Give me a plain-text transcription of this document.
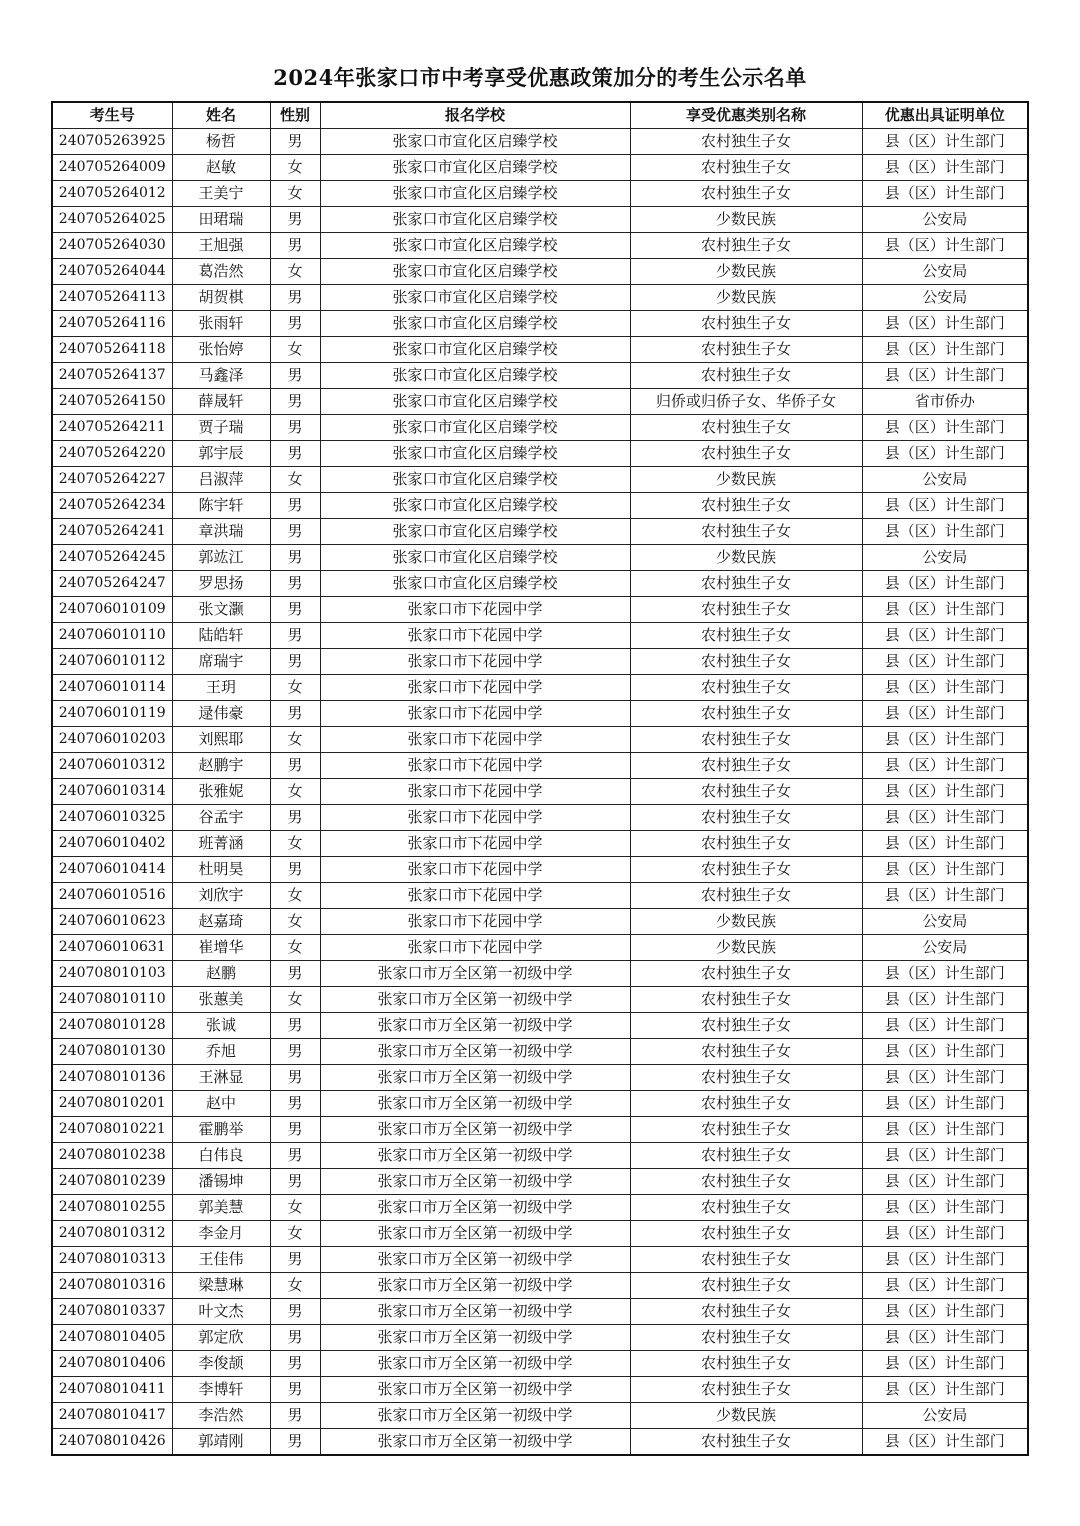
2024年张家口市中考享受优惠政策加分的考生公示名单
考生号	姓名	性别	报名学校	享受优惠类别名称	优惠出具证明单位
240705263925	杨哲	男	张家口市宣化区启臻学校	农村独生子女	县（区）计生部门
240705264009	赵敏	女	张家口市宣化区启臻学校	农村独生子女	县（区）计生部门
240705264012	王美宁	女	张家口市宣化区启臻学校	农村独生子女	县（区）计生部门
240705264025	田珺瑞	男	张家口市宣化区启臻学校	少数民族	公安局
240705264030	王旭强	男	张家口市宣化区启臻学校	农村独生子女	县（区）计生部门
240705264044	葛浩然	女	张家口市宣化区启臻学校	少数民族	公安局
240705264113	胡贺棋	男	张家口市宣化区启臻学校	少数民族	公安局
240705264116	张雨轩	男	张家口市宣化区启臻学校	农村独生子女	县（区）计生部门
240705264118	张怡婷	女	张家口市宣化区启臻学校	农村独生子女	县（区）计生部门
240705264137	马鑫泽	男	张家口市宣化区启臻学校	农村独生子女	县（区）计生部门
240705264150	薛晟轩	男	张家口市宣化区启臻学校	归侨或归侨子女、华侨子女	省市侨办
240705264211	贾子瑞	男	张家口市宣化区启臻学校	农村独生子女	县（区）计生部门
240705264220	郭宇辰	男	张家口市宣化区启臻学校	农村独生子女	县（区）计生部门
240705264227	吕淑萍	女	张家口市宣化区启臻学校	少数民族	公安局
240705264234	陈宇轩	男	张家口市宣化区启臻学校	农村独生子女	县（区）计生部门
240705264241	章洪瑞	男	张家口市宣化区启臻学校	农村独生子女	县（区）计生部门
240705264245	郭竑江	男	张家口市宣化区启臻学校	少数民族	公安局
240705264247	罗思扬	男	张家口市宣化区启臻学校	农村独生子女	县（区）计生部门
240706010109	张文灏	男	张家口市下花园中学	农村独生子女	县（区）计生部门
240706010110	陆皓轩	男	张家口市下花园中学	农村独生子女	县（区）计生部门
240706010112	席瑞宇	男	张家口市下花园中学	农村独生子女	县（区）计生部门
240706010114	王玥	女	张家口市下花园中学	农村独生子女	县（区）计生部门
240706010119	逯伟豪	男	张家口市下花园中学	农村独生子女	县（区）计生部门
240706010203	刘熙耶	女	张家口市下花园中学	农村独生子女	县（区）计生部门
240706010312	赵鹏宇	男	张家口市下花园中学	农村独生子女	县（区）计生部门
240706010314	张雅妮	女	张家口市下花园中学	农村独生子女	县（区）计生部门
240706010325	谷孟宇	男	张家口市下花园中学	农村独生子女	县（区）计生部门
240706010402	班菁涵	女	张家口市下花园中学	农村独生子女	县（区）计生部门
240706010414	杜明昊	男	张家口市下花园中学	农村独生子女	县（区）计生部门
240706010516	刘欣宇	女	张家口市下花园中学	农村独生子女	县（区）计生部门
240706010623	赵嘉琦	女	张家口市下花园中学	少数民族	公安局
240706010631	崔增华	女	张家口市下花园中学	少数民族	公安局
240708010103	赵鹏	男	张家口市万全区第一初级中学	农村独生子女	县（区）计生部门
240708010110	张蕙美	女	张家口市万全区第一初级中学	农村独生子女	县（区）计生部门
240708010128	张诚	男	张家口市万全区第一初级中学	农村独生子女	县（区）计生部门
240708010130	乔旭	男	张家口市万全区第一初级中学	农村独生子女	县（区）计生部门
240708010136	王淋显	男	张家口市万全区第一初级中学	农村独生子女	县（区）计生部门
240708010201	赵中	男	张家口市万全区第一初级中学	农村独生子女	县（区）计生部门
240708010221	霍鹏举	男	张家口市万全区第一初级中学	农村独生子女	县（区）计生部门
240708010238	白伟良	男	张家口市万全区第一初级中学	农村独生子女	县（区）计生部门
240708010239	潘锡坤	男	张家口市万全区第一初级中学	农村独生子女	县（区）计生部门
240708010255	郭美慧	女	张家口市万全区第一初级中学	农村独生子女	县（区）计生部门
240708010312	李金月	女	张家口市万全区第一初级中学	农村独生子女	县（区）计生部门
240708010313	王佳伟	男	张家口市万全区第一初级中学	农村独生子女	县（区）计生部门
240708010316	梁慧琳	女	张家口市万全区第一初级中学	农村独生子女	县（区）计生部门
240708010337	叶文杰	男	张家口市万全区第一初级中学	农村独生子女	县（区）计生部门
240708010405	郭定欣	男	张家口市万全区第一初级中学	农村独生子女	县（区）计生部门
240708010406	李俊颉	男	张家口市万全区第一初级中学	农村独生子女	县（区）计生部门
240708010411	李博轩	男	张家口市万全区第一初级中学	农村独生子女	县（区）计生部门
240708010417	李浩然	男	张家口市万全区第一初级中学	少数民族	公安局
240708010426	郭靖刚	男	张家口市万全区第一初级中学	农村独生子女	县（区）计生部门
